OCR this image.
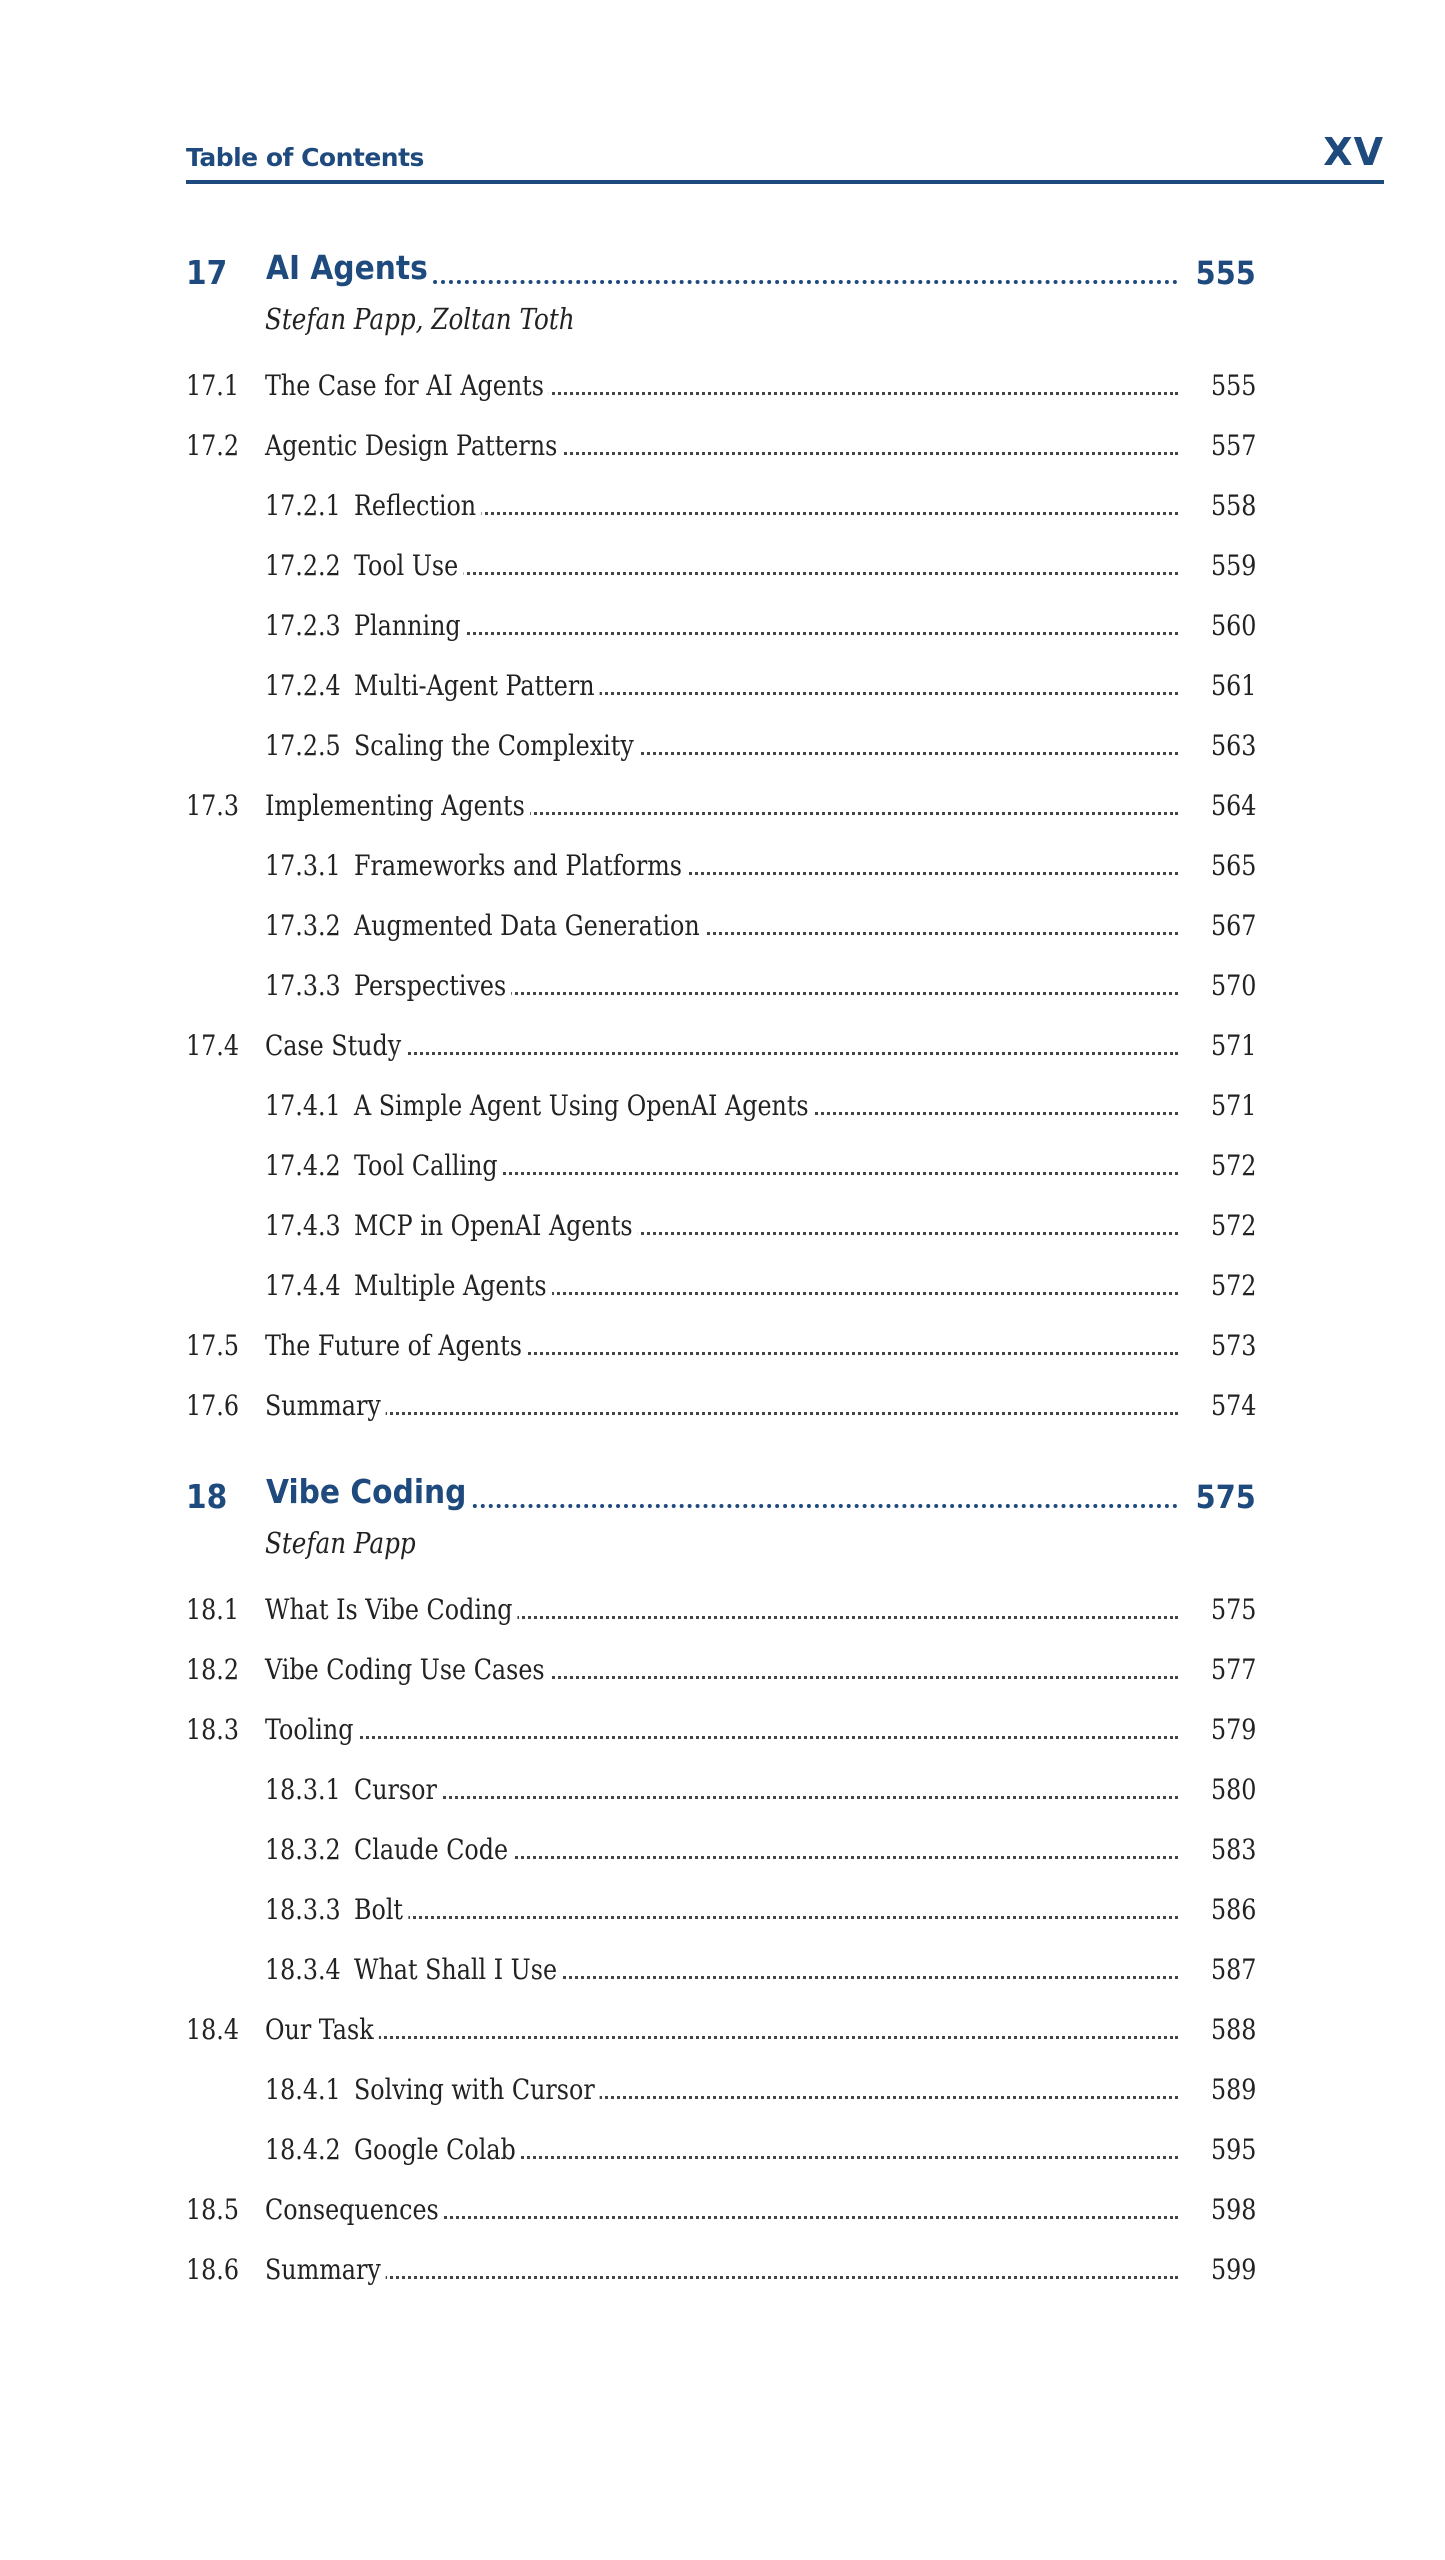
Table of Contents	XV
17 AI Agents	555
Stefan Papp, Zoltan Toth
17.1 The Case for AI Agents	555
17.2 Agentic Design Patterns	557
17.2.1 Reflection	558
17.2.2 Tool Use	559
17.2.3 Planning	560
17.2.4 Multi-Agent Pattern	561
17.2.5 Scaling the Complexity	563
17.3 Implementing Agents	564
17.3.1 Frameworks and Platforms	565
17.3.2 Augmented Data Generation	567
17.3.3 Perspectives	570
17.4 Case Study	571
17.4.1 A Simple Agent Using OpenAI Agents	571
17.4.2 Tool Calling	572
17.4.3 MCP in OpenAI Agents	572
17.4.4 Multiple Agents	572
17.5 The Future of Agents	573
17.6 Summary	574
18 Vibe Coding	575
Stefan Papp
18.1 What Is Vibe Coding	575
18.2 Vibe Coding Use Cases	577
18.3 Tooling	579
18.3.1 Cursor	580
18.3.2 Claude Code	583
18.3.3 Bolt	586
18.3.4 What Shall I Use	587
18.4 Our Task	588
18.4.1 Solving with Cursor	589
18.4.2 Google Colab	595
18.5 Consequences	598
18.6 Summary	599
